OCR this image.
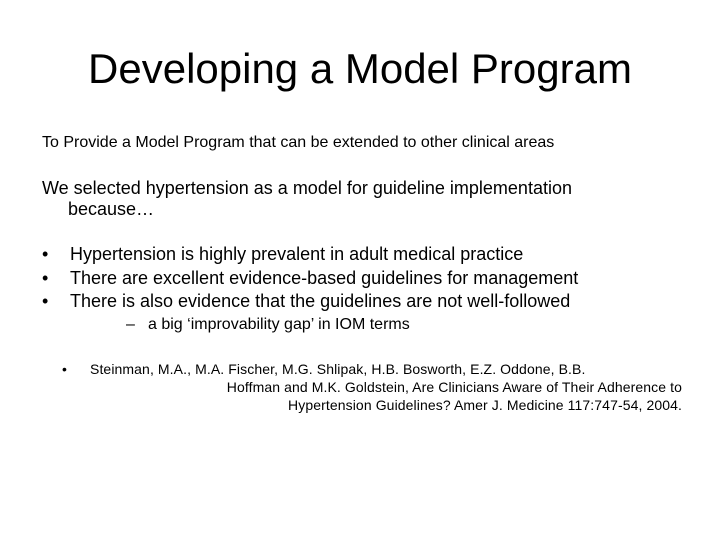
Developing a Model Program
To Provide a Model Program that can be extended to other clinical areas
We selected hypertension as a model for guideline implementation
because…
• Hypertension is highly prevalent in adult medical practice
• There are excellent evidence-based guidelines for management
• There is also evidence that the guidelines are not well-followed
– a big ‘improvability gap’ in IOM terms
• Steinman, M.A., M.A. Fischer, M.G. Shlipak, H.B. Bosworth, E.Z. Oddone, B.B.
Hoffman and M.K. Goldstein, Are Clinicians Aware of Their Adherence to
Hypertension Guidelines? Amer J. Medicine 117:747-54, 2004.
